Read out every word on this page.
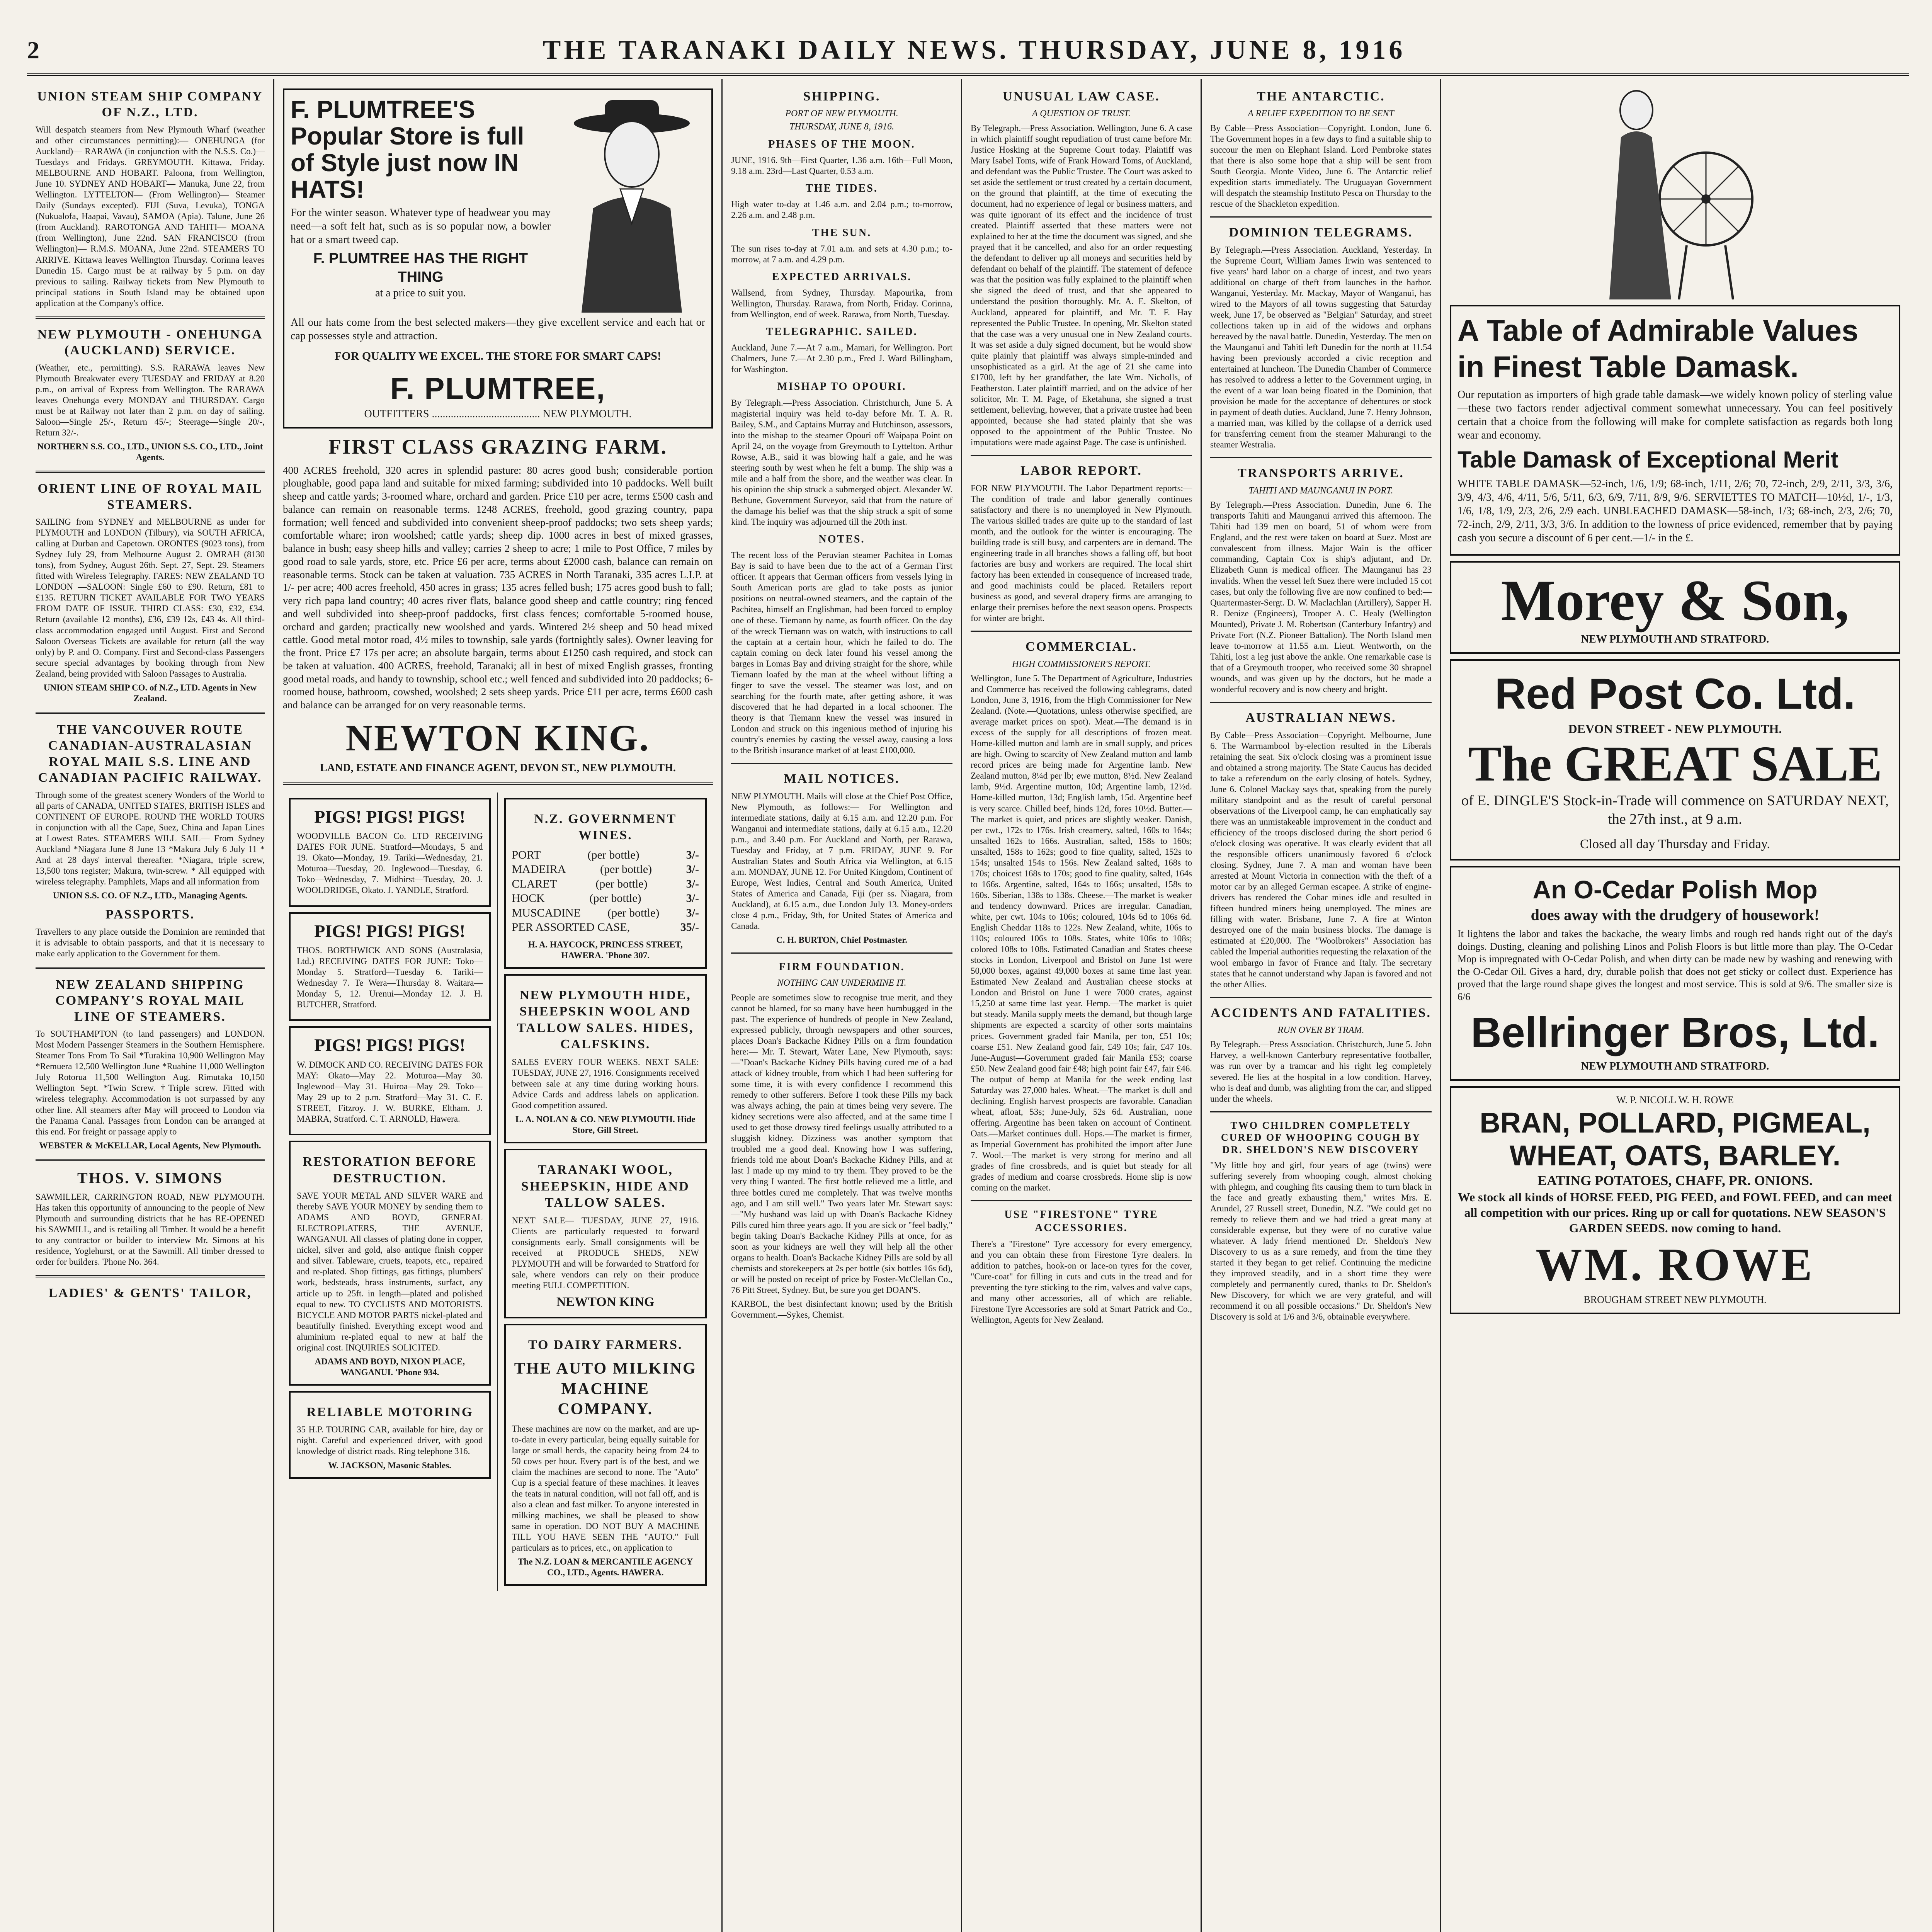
2	THE TARANAKI DAILY NEWS. THURSDAY, JUNE 8, 1916
UNION STEAM SHIP COMPANY OF N.Z., LTD.
Will despatch steamers from New Plymouth Wharf (weather and other circumstances permitting):— ONEHUNGA (for Auckland)— RARAWA (in conjunction with the N.S.S. Co.)—Tuesdays and Fridays. GREYMOUTH. Kittawa, Friday. MELBOURNE AND HOBART. Paloona, from Wellington, June 10. SYDNEY AND HOBART— Manuka, June 22, from Wellington. LYTTELTON— (From Wellington)— Steamer Daily (Sundays excepted). FIJI (Suva, Levuka), TONGA (Nukualofa, Haapai, Vavau), SAMOA (Apia). Talune, June 26 (from Auckland). RAROTONGA AND TAHITI— MOANA (from Wellington), June 22nd. SAN FRANCISCO (from Wellington)— R.M.S. MOANA, June 22nd. STEAMERS TO ARRIVE. Kittawa leaves Wellington Thursday. Corinna leaves Dunedin 15. Cargo must be at railway by 5 p.m. on day previous to sailing. Railway tickets from New Plymouth to principal stations in South Island may be obtained upon application at the Company's office.
NEW PLYMOUTH - ONEHUNGA (AUCKLAND) SERVICE.
(Weather, etc., permitting). S.S. RARAWA leaves New Plymouth Breakwater every TUESDAY and FRIDAY at 8.20 p.m., on arrival of Express from Wellington. The RARAWA leaves Onehunga every MONDAY and THURSDAY. Cargo must be at Railway not later than 2 p.m. on day of sailing. Saloon—Single 25/-, Return 45/-; Steerage—Single 20/-, Return 32/-.
NORTHERN S.S. CO., LTD., UNION S.S. CO., LTD., Joint Agents.
ORIENT LINE OF ROYAL MAIL STEAMERS.
SAILING from SYDNEY and MELBOURNE as under for PLYMOUTH and LONDON (Tilbury), via SOUTH AFRICA, calling at Durban and Capetown. ORONTES (9023 tons), from Sydney July 29, from Melbourne August 2. OMRAH (8130 tons), from Sydney, August 26th. Sept. 27, Sept. 29. Steamers fitted with Wireless Telegraphy. FARES: NEW ZEALAND TO LONDON —SALOON: Single £60 to £90. Return, £81 to £135. RETURN TICKET AVAILABLE FOR TWO YEARS FROM DATE OF ISSUE. THIRD CLASS: £30, £32, £34. Return (available 12 months), £36, £39 12s, £43 4s. All third-class accommodation engaged until August. First and Second Saloon Overseas Tickets are available for return (all the way only) by P. and O. Company. First and Second-class Passengers secure special advantages by booking through from New Zealand, being provided with Saloon Passages to Australia.
UNION STEAM SHIP CO. of N.Z., LTD. Agents in New Zealand.
THE VANCOUVER ROUTE CANADIAN-AUSTRALASIAN ROYAL MAIL S.S. LINE AND CANADIAN PACIFIC RAILWAY.
Through some of the greatest scenery Wonders of the World to all parts of CANADA, UNITED STATES, BRITISH ISLES and CONTINENT OF EUROPE. ROUND THE WORLD TOURS in conjunction with all the Cape, Suez, China and Japan Lines at Lowest Rates. STEAMERS WILL SAIL— From Sydney Auckland *Niagara June 8 June 13 *Makura July 6 July 11 * And at 28 days' interval thereafter. *Niagara, triple screw, 13,500 tons register; Makura, twin-screw. * All equipped with wireless telegraphy. Pamphlets, Maps and all information from
UNION S.S. CO. OF N.Z., LTD., Managing Agents.
PASSPORTS.
Travellers to any place outside the Dominion are reminded that it is advisable to obtain passports, and that it is necessary to make early application to the Government for them.
NEW ZEALAND SHIPPING COMPANY'S ROYAL MAIL LINE OF STEAMERS.
To SOUTHAMPTON (to land passengers) and LONDON. Most Modern Passenger Steamers in the Southern Hemisphere. Steamer Tons From To Sail *Turakina 10,900 Wellington May *Remuera 12,500 Wellington June *Ruahine 11,000 Wellington July Rotorua 11,500 Wellington Aug. Rimutaka 10,150 Wellington Sept. *Twin Screw. †Triple screw. Fitted with wireless telegraphy. Accommodation is not surpassed by any other line. All steamers after May will proceed to London via the Panama Canal. Passages from London can be arranged at this end. For freight or passage apply to
WEBSTER & McKELLAR, Local Agents, New Plymouth.
THOS. V. SIMONS
SAWMILLER, CARRINGTON ROAD, NEW PLYMOUTH. Has taken this opportunity of announcing to the people of New Plymouth and surrounding districts that he has RE-OPENED his SAWMILL, and is retailing all Timber. It would be a benefit to any contractor or builder to interview Mr. Simons at his residence, Yoglehurst, or at the Sawmill. All timber dressed to order for builders. 'Phone No. 364.
LADIES' & GENTS' TAILOR,
F. PLUMTREE'S Popular Store is full of Style just now IN HATS!
For the winter season. Whatever type of headwear you may need—a soft felt hat, such as is so popular now, a bowler hat or a smart tweed cap.
F. PLUMTREE HAS THE RIGHT THING
at a price to suit you.
All our hats come from the best selected makers—they give excellent service and each hat or cap possesses style and attraction.
FOR QUALITY WE EXCEL. THE STORE FOR SMART CAPS!
F. PLUMTREE,
OUTFITTERS ........................................ NEW PLYMOUTH.
FIRST CLASS GRAZING FARM.
400 ACRES freehold, 320 acres in splendid pasture: 80 acres good bush; considerable portion ploughable, good papa land and suitable for mixed farming; subdivided into 10 paddocks. Well built sheep and cattle yards; 3-roomed whare, orchard and garden. Price £10 per acre, terms £500 cash and balance can remain on reasonable terms. 1248 ACRES, freehold, good grazing country, papa formation; well fenced and subdivided into convenient sheep-proof paddocks; two sets sheep yards; comfortable whare; iron woolshed; cattle yards; sheep dip. 1000 acres in best of mixed grasses, balance in bush; easy sheep hills and valley; carries 2 sheep to acre; 1 mile to Post Office, 7 miles by good road to sale yards, store, etc. Price £6 per acre, terms about £2000 cash, balance can remain on reasonable terms. Stock can be taken at valuation. 735 ACRES in North Taranaki, 335 acres L.I.P. at 1/- per acre; 400 acres freehold, 450 acres in grass; 135 acres felled bush; 175 acres good bush to fall; very rich papa land country; 40 acres river flats, balance good sheep and cattle country; ring fenced and well subdivided into sheep-proof paddocks, first class fences; comfortable 5-roomed house, orchard and garden; practically new woolshed and yards. Wintered 2½ sheep and 50 head mixed cattle. Good metal motor road, 4½ miles to township, sale yards (fortnightly sales). Owner leaving for the front. Price £7 17s per acre; an absolute bargain, terms about £1250 cash required, and stock can be taken at valuation. 400 ACRES, freehold, Taranaki; all in best of mixed English grasses, fronting good metal roads, and handy to township, school etc.; well fenced and subdivided into 20 paddocks; 6-roomed house, bathroom, cowshed, woolshed; 2 sets sheep yards. Price £11 per acre, terms £600 cash and balance can be arranged for on very reasonable terms.
NEWTON KING.
LAND, ESTATE AND FINANCE AGENT, DEVON ST., NEW PLYMOUTH.
PIGS! PIGS! PIGS!
WOODVILLE BACON Co. LTD RECEIVING DATES FOR JUNE. Stratford—Mondays, 5 and 19. Okato—Monday, 19. Tariki—Wednesday, 21. Moturoa—Tuesday, 20. Inglewood—Tuesday, 6. Toko—Wednesday, 7. Midhirst—Tuesday, 20. J. WOOLDRIDGE, Okato. J. YANDLE, Stratford.
PIGS! PIGS! PIGS!
THOS. BORTHWICK AND SONS (Australasia, Ltd.) RECEIVING DATES FOR JUNE: Toko—Monday 5. Stratford—Tuesday 6. Tariki—Wednesday 7. Te Wera—Thursday 8. Waitara—Monday 5, 12. Urenui—Monday 12. J. H. BUTCHER, Stratford.
PIGS! PIGS! PIGS!
W. DIMOCK AND CO. RECEIVING DATES FOR MAY: Okato—May 22. Moturoa—May 30. Inglewood—May 31. Huiroa—May 29. Toko—May 29 up to 2 p.m. Stratford—May 31. C. E. STREET, Fitzroy. J. W. BURKE, Eltham. J. MABRA, Stratford. C. T. ARNOLD, Hawera.
RESTORATION BEFORE DESTRUCTION.
SAVE YOUR METAL AND SILVER WARE and thereby SAVE YOUR MONEY by sending them to ADAMS AND BOYD, GENERAL ELECTROPLATERS, THE AVENUE, WANGANUI. All classes of plating done in copper, nickel, silver and gold, also antique finish copper and silver. Tableware, cruets, teapots, etc., repaired and re-plated. Shop fittings, gas fittings, plumbers' work, bedsteads, brass instruments, surfact, any article up to 25ft. in length—plated and polished equal to new. TO CYCLISTS AND MOTORISTS. BICYCLE AND MOTOR PARTS nickel-plated and beautifully finished. Everything except wood and aluminium re-plated equal to new at half the original cost. INQUIRIES SOLICITED.
ADAMS AND BOYD, NIXON PLACE, WANGANUI. 'Phone 934.
RELIABLE MOTORING
35 H.P. TOURING CAR, available for hire, day or night. Careful and experienced driver, with good knowledge of district roads. Ring telephone 316.
W. JACKSON, Masonic Stables.
N.Z. GOVERNMENT WINES.
PORT	(per bottle)	3/-
MADEIRA	(per bottle)	3/-
CLARET	(per bottle)	3/-
HOCK	(per bottle)	3/-
MUSCADINE (per bottle) 3/-
PER ASSORTED CASE,	35/-
H. A. HAYCOCK, PRINCESS STREET, HAWERA. 'Phone 307.
NEW PLYMOUTH HIDE, SHEEPSKIN WOOL AND TALLOW SALES. HIDES, CALFSKINS.
SALES EVERY FOUR WEEKS. NEXT SALE: TUESDAY, JUNE 27, 1916. Consignments received between sale at any time during working hours. Advice Cards and address labels on application. Good competition assured.
L. A. NOLAN & CO. NEW PLYMOUTH. Hide Store, Gill Street.
TARANAKI WOOL, SHEEPSKIN, HIDE AND TALLOW SALES.
NEXT SALE— TUESDAY, JUNE 27, 1916. Clients are particularly requested to forward consignments early. Small consignments will be received at PRODUCE SHEDS, NEW PLYMOUTH and will be forwarded to Stratford for sale, where vendors can rely on their produce meeting FULL COMPETITION.
NEWTON KING
TO DAIRY FARMERS.
THE AUTO MILKING MACHINE COMPANY.
These machines are now on the market, and are up-to-date in every particular, being equally suitable for large or small herds, the capacity being from 24 to 50 cows per hour. Every part is of the best, and we claim the machines are second to none. The "Auto" Cup is a special feature of these machines. It leaves the teats in natural condition, will not fall off, and is also a clean and fast milker. To anyone interested in milking machines, we shall be pleased to show same in operation. DO NOT BUY A MACHINE TILL YOU HAVE SEEN THE "AUTO." Full particulars as to prices, etc., on application to
The N.Z. LOAN & MERCANTILE AGENCY CO., LTD., Agents. HAWERA.
SHIPPING.
PORT OF NEW PLYMOUTH.
THURSDAY, JUNE 8, 1916.
PHASES OF THE MOON.
JUNE, 1916. 9th—First Quarter, 1.36 a.m. 16th—Full Moon, 9.18 a.m. 23rd—Last Quarter, 0.53 a.m.
THE TIDES.
High water to-day at 1.46 a.m. and 2.04 p.m.; to-morrow, 2.26 a.m. and 2.48 p.m.
THE SUN.
The sun rises to-day at 7.01 a.m. and sets at 4.30 p.m.; to-morrow, at 7 a.m. and 4.29 p.m.
EXPECTED ARRIVALS.
Wallsend, from Sydney, Thursday. Mapourika, from Wellington, Thursday. Rarawa, from North, Friday. Corinna, from Wellington, end of week. Rarawa, from North, Tuesday.
TELEGRAPHIC. SAILED.
Auckland, June 7.—At 7 a.m., Mamari, for Wellington. Port Chalmers, June 7.—At 2.30 p.m., Fred J. Ward Billingham, for Washington.
MISHAP TO OPOURI.
By Telegraph.—Press Association. Christchurch, June 5. A magisterial inquiry was held to-day before Mr. T. A. R. Bailey, S.M., and Captains Murray and Hutchinson, assessors, into the mishap to the steamer Opouri off Waipapa Point on April 24, on the voyage from Greymouth to Lyttelton. Arthur Rowse, A.B., said it was blowing half a gale, and he was steering south by west when he felt a bump. The ship was a mile and a half from the shore, and the weather was clear. In his opinion the ship struck a submerged object. Alexander W. Bethune, Government Surveyor, said that from the nature of the damage his belief was that the ship struck a spit of some kind. The inquiry was adjourned till the 20th inst.
NOTES.
The recent loss of the Peruvian steamer Pachitea in Lomas Bay is said to have been due to the act of a German First officer. It appears that German officers from vessels lying in South American ports are glad to take posts as junior positions on neutral-owned steamers, and the captain of the Pachitea, himself an Englishman, had been forced to employ one of these. Tiemann by name, as fourth officer. On the day of the wreck Tiemann was on watch, with instructions to call the captain at a certain hour, which he failed to do. The captain coming on deck later found his vessel among the barges in Lomas Bay and driving straight for the shore, while Tiemann loafed by the man at the wheel without lifting a finger to save the vessel. The steamer was lost, and on searching for the fourth mate, after getting ashore, it was discovered that he had departed in a local schooner. The theory is that Tiemann knew the vessel was insured in London and struck on this ingenious method of injuring his country's enemies by casting the vessel away, causing a loss to the British insurance market of at least £100,000.
MAIL NOTICES.
NEW PLYMOUTH. Mails will close at the Chief Post Office, New Plymouth, as follows:— For Wellington and intermediate stations, daily at 6.15 a.m. and 12.20 p.m. For Wanganui and intermediate stations, daily at 6.15 a.m., 12.20 p.m., and 3.40 p.m. For Auckland and North, per Rarawa, Tuesday and Friday, at 7 p.m. FRIDAY, JUNE 9. For Australian States and South Africa via Wellington, at 6.15 a.m. MONDAY, JUNE 12. For United Kingdom, Continent of Europe, West Indies, Central and South America, United States of America and Canada, Fiji (per ss. Niagara, from Auckland), at 6.15 a.m., due London July 13. Money-orders close 4 p.m., Friday, 9th, for United States of America and Canada.
C. H. BURTON, Chief Postmaster.
FIRM FOUNDATION.
NOTHING CAN UNDERMINE IT.
People are sometimes slow to recognise true merit, and they cannot be blamed, for so many have been humbugged in the past. The experience of hundreds of people in New Zealand, expressed publicly, through newspapers and other sources, places Doan's Backache Kidney Pills on a firm foundation here:— Mr. T. Stewart, Water Lane, New Plymouth, says:—"Doan's Backache Kidney Pills having cured me of a bad attack of kidney trouble, from which I had been suffering for some time, it is with every confidence I recommend this remedy to other sufferers. Before I took these Pills my back was always aching, the pain at times being very severe. The kidney secretions were also affected, and at the same time I used to get those drowsy tired feelings usually attributed to a sluggish kidney. Dizziness was another symptom that troubled me a good deal. Knowing how I was suffering, friends told me about Doan's Backache Kidney Pills, and at last I made up my mind to try them. They proved to be the very thing I wanted. The first bottle relieved me a little, and three bottles cured me completely. That was twelve months ago, and I am still well." Two years later Mr. Stewart says:—"My husband was laid up with Doan's Backache Kidney Pills cured him three years ago. If you are sick or "feel badly," begin taking Doan's Backache Kidney Pills at once, for as soon as your kidneys are well they will help all the other organs to health. Doan's Backache Kidney Pills are sold by all chemists and storekeepers at 2s per bottle (six bottles 16s 6d), or will be posted on receipt of price by Foster-McClellan Co., 76 Pitt Street, Sydney. But, be sure you get DOAN'S.
KARBOL, the best disinfectant known; used by the British Government.—Sykes, Chemist.
UNUSUAL LAW CASE.
A QUESTION OF TRUST.
By Telegraph.—Press Association. Wellington, June 6. A case in which plaintiff sought repudiation of trust came before Mr. Justice Hosking at the Supreme Court today. Plaintiff was Mary Isabel Toms, wife of Frank Howard Toms, of Auckland, and defendant was the Public Trustee. The Court was asked to set aside the settlement or trust created by a certain document, on the ground that plaintiff, at the time of executing the document, had no experience of legal or business matters, and was quite ignorant of its effect and the incidence of trust created. Plaintiff asserted that these matters were not explained to her at the time the document was signed, and she prayed that it be cancelled, and also for an order requesting the defendant to deliver up all moneys and securities held by defendant on behalf of the plaintiff. The statement of defence was that the position was fully explained to the plaintiff when she signed the deed of trust, and that she appeared to understand the position thoroughly. Mr. A. E. Skelton, of Auckland, appeared for plaintiff, and Mr. T. F. Hay represented the Public Trustee. In opening, Mr. Skelton stated that the case was a very unusual one in New Zealand courts. It was set aside a duly signed document, but he would show quite plainly that plaintiff was always simple-minded and unsophisticated as a girl. At the age of 21 she came into £1700, left by her grandfather, the late Wm. Nicholls, of Featherston. Later plaintiff married, and on the advice of her solicitor, Mr. T. M. Page, of Eketahuna, she signed a trust settlement, believing, however, that a private trustee had been appointed, because she had stated plainly that she was opposed to the appointment of the Public Trustee. No imputations were made against Page. The case is unfinished.
LABOR REPORT.
FOR NEW PLYMOUTH. The Labor Department reports:—The condition of trade and labor generally continues satisfactory and there is no unemployed in New Plymouth. The various skilled trades are quite up to the standard of last month, and the outlook for the winter is encouraging. The building trade is still busy, and carpenters are in demand. The engineering trade in all branches shows a falling off, but boot factories are busy and workers are required. The local shirt factory has been extended in consequence of increased trade, and good machinists could be placed. Retailers report business as good, and several drapery firms are arranging to enlarge their premises before the next season opens. Prospects for winter are bright.
COMMERCIAL.
HIGH COMMISSIONER'S REPORT.
Wellington, June 5. The Department of Agriculture, Industries and Commerce has received the following cablegrams, dated London, June 3, 1916, from the High Commissioner for New Zealand. (Note.—Quotations, unless otherwise specified, are average market prices on spot). Meat.—The demand is in excess of the supply for all descriptions of frozen meat. Home-killed mutton and lamb are in small supply, and prices are high. Owing to scarcity of New Zealand mutton and lamb record prices are being made for Argentine lamb. New Zealand mutton, 8¼d per lb; ewe mutton, 8½d. New Zealand lamb, 9½d. Argentine mutton, 10d; Argentine lamb, 12½d. Home-killed mutton, 13d; English lamb, 15d. Argentine beef is very scarce. Chilled beef, hinds 12d, fores 10½d. Butter.—The market is quiet, and prices are slightly weaker. Danish, per cwt., 172s to 176s. Irish creamery, salted, 160s to 164s; unsalted 162s to 166s. Australian, salted, 158s to 160s; unsalted, 158s to 162s; good to fine quality, salted, 152s to 154s; unsalted 154s to 156s. New Zealand salted, 168s to 170s; choicest 168s to 170s; good to fine quality, salted, 164s to 166s. Argentine, salted, 164s to 166s; unsalted, 158s to 160s. Siberian, 138s to 138s. Cheese.—The market is weaker and tendency downward. Prices are irregular. Canadian, white, per cwt. 104s to 106s; coloured, 104s 6d to 106s 6d. English Cheddar 118s to 122s. New Zealand, white, 106s to 110s; coloured 106s to 108s. States, white 106s to 108s; colored 108s to 108s. Estimated Canadian and States cheese stocks in London, Liverpool and Bristol on June 1st were 50,000 boxes, against 49,000 boxes at same time last year. Estimated New Zealand and Australian cheese stocks at London and Bristol on June 1 were 7000 crates, against 15,250 at same time last year. Hemp.—The market is quiet but steady. Manila supply meets the demand, but though large shipments are expected a scarcity of other sorts maintains prices. Government graded fair Manila, per ton, £51 10s; coarse £51. New Zealand good fair, £49 10s; fair, £47 10s. June-August—Government graded fair Manila £53; coarse £50. New Zealand good fair £48; high point fair £47, fair £46. The output of hemp at Manila for the week ending last Saturday was 27,000 bales. Wheat.—The market is dull and declining. English harvest prospects are favorable. Canadian wheat, afloat, 53s; June-July, 52s 6d. Australian, none offering. Argentine has been taken on account of Continent. Oats.—Market continues dull. Hops.—The market is firmer, as Imperial Government has prohibited the import after June 7. Wool.—The market is very strong for merino and all grades of fine crossbreds, and is quiet but steady for all grades of medium and coarse crossbreds. Home slip is now coming on the market.
USE "FIRESTONE" TYRE ACCESSORIES.
There's a "Firestone" Tyre accessory for every emergency, and you can obtain these from Firestone Tyre dealers. In addition to patches, hook-on or lace-on tyres for the cover, "Cure-coat" for filling in cuts and cuts in the tread and for preventing the tyre sticking to the rim, valves and valve caps, and many other accessories, all of which are reliable. Firestone Tyre Accessories are sold at Smart Patrick and Co., Wellington, Agents for New Zealand.
THE ANTARCTIC.
A RELIEF EXPEDITION TO BE SENT
By Cable—Press Association—Copyright. London, June 6. The Government hopes in a few days to find a suitable ship to succour the men on Elephant Island. Lord Pembroke states that there is also some hope that a ship will be sent from South Georgia. Monte Video, June 6. The Antarctic relief expedition starts immediately. The Uruguayan Government will despatch the steamship Instituto Pesca on Thursday to the rescue of the Shackleton expedition.
DOMINION TELEGRAMS.
By Telegraph.—Press Association. Auckland, Yesterday. In the Supreme Court, William James Irwin was sentenced to five years' hard labor on a charge of incest, and two years additional on charge of theft from launches in the harbor. Wanganui, Yesterday. Mr. Mackay, Mayor of Wanganui, has wired to the Mayors of all towns suggesting that Saturday week, June 17, be observed as "Belgian" Saturday, and street collections taken up in aid of the widows and orphans bereaved by the naval battle. Dunedin, Yesterday. The men on the Maunganui and Tahiti left Dunedin for the north at 11.54 having been previously accorded a civic reception and entertained at luncheon. The Dunedin Chamber of Commerce has resolved to address a letter to the Government urging, in the event of a war loan being floated in the Dominion, that provision be made for the acceptance of debentures or stock in payment of death duties. Auckland, June 7. Henry Johnson, a married man, was killed by the collapse of a derrick used for transferring cement from the steamer Mahurangi to the steamer Westralia.
TRANSPORTS ARRIVE.
TAHITI AND MAUNGANUI IN PORT.
By Telegraph.—Press Association. Dunedin, June 6. The transports Tahiti and Maunganui arrived this afternoon. The Tahiti had 139 men on board, 51 of whom were from England, and the rest were taken on board at Suez. Most are convalescent from illness. Major Wain is the officer commanding, Captain Cox is ship's adjutant, and Dr. Elizabeth Gunn is medical officer. The Maunganui has 23 invalids. When the vessel left Suez there were included 15 cot cases, but only the following five are now confined to bed:—Quartermaster-Sergt. D. W. Maclachlan (Artillery), Sapper H. R. Denize (Engineers), Trooper A. C. Healy (Wellington Mounted), Private J. M. Robertson (Canterbury Infantry) and Private Fort (N.Z. Pioneer Battalion). The North Island men leave to-morrow at 11.55 a.m. Lieut. Wentworth, on the Tahiti, lost a leg just above the ankle. One remarkable case is that of a Greymouth trooper, who received some 30 shrapnel wounds, and was given up by the doctors, but he made a wonderful recovery and is now cheery and bright.
AUSTRALIAN NEWS.
By Cable—Press Association—Copyright. Melbourne, June 6. The Warrnambool by-election resulted in the Liberals retaining the seat. Six o'clock closing was a prominent issue and obtained a strong majority. The State Caucus has decided to take a referendum on the early closing of hotels. Sydney, June 6. Colonel Mackay says that, speaking from the purely military standpoint and as the result of careful personal observations of the Liverpool camp, he can emphatically say there was an unmistakeable improvement in the conduct and efficiency of the troops disclosed during the short period 6 o'clock closing was operative. It was clearly evident that all the responsible officers unanimously favored 6 o'clock closing. Sydney, June 7. A man and woman have been arrested at Mount Victoria in connection with the theft of a motor car by an alleged German escapee. A strike of engine-drivers has rendered the Cobar mines idle and resulted in fifteen hundred miners being unemployed. The mines are filling with water. Brisbane, June 7. A fire at Winton destroyed one of the main business blocks. The damage is estimated at £20,000. The "Woolbrokers" Association has cabled the Imperial authorities requesting the relaxation of the wool embargo in favor of France and Italy. The secretary states that he cannot understand why Japan is favored and not the other Allies.
ACCIDENTS AND FATALITIES.
RUN OVER BY TRAM.
By Telegraph.—Press Association. Christchurch, June 5. John Harvey, a well-known Canterbury representative footballer, was run over by a tramcar and his right leg completely severed. He lies at the hospital in a low condition. Harvey, who is deaf and dumb, was alighting from the car, and slipped under the wheels.
TWO CHILDREN COMPLETELY CURED OF WHOOPING COUGH BY DR. SHELDON'S NEW DISCOVERY
"My little boy and girl, four years of age (twins) were suffering severely from whooping cough, almost choking with phlegm, and coughing fits causing them to turn black in the face and greatly exhausting them," writes Mrs. E. Arundel, 27 Russell street, Dunedin, N.Z. "We could get no remedy to relieve them and we had tried a great many at considerable expense, but they were of no curative value whatever. A lady friend mentioned Dr. Sheldon's New Discovery to us as a sure remedy, and from the time they started it they began to get relief. Continuing the medicine they improved steadily, and in a short time they were completely and permanently cured, thanks to Dr. Sheldon's New Discovery, for which we are very grateful, and will recommend it on all possible occasions." Dr. Sheldon's New Discovery is sold at 1/6 and 3/6, obtainable everywhere.
A Table of Admirable Values in Finest Table Damask.
Our reputation as importers of high grade table damask—we widely known policy of sterling value—these two factors render adjectival comment somewhat unnecessary. You can feel positively certain that a choice from the following will make for complete satisfaction as regards both long wear and economy.
Table Damask of Exceptional Merit
WHITE TABLE DAMASK—52-inch, 1/6, 1/9; 68-inch, 1/11, 2/6; 70, 72-inch, 2/9, 2/11, 3/3, 3/6, 3/9, 4/3, 4/6, 4/11, 5/6, 5/11, 6/3, 6/9, 7/11, 8/9, 9/6. SERVIETTES TO MATCH—10½d, 1/-, 1/3, 1/6, 1/8, 1/9, 2/3, 2/6, 2/9 each. UNBLEACHED DAMASK—58-inch, 1/3; 68-inch, 2/3, 2/6; 70, 72-inch, 2/9, 2/11, 3/3, 3/6. In addition to the lowness of price evidenced, remember that by paying cash you secure a discount of 6 per cent.—1/- in the £.
Morey & Son,
NEW PLYMOUTH AND STRATFORD.
Red Post Co. Ltd.
DEVON STREET - NEW PLYMOUTH.
The GREAT SALE
of E. DINGLE'S Stock-in-Trade will commence on SATURDAY NEXT, the 27th inst., at 9 a.m.
Closed all day Thursday and Friday.
An O-Cedar Polish Mop
does away with the drudgery of housework!
It lightens the labor and takes the backache, the weary limbs and rough red hands right out of the day's doings. Dusting, cleaning and polishing Linos and Polish Floors is but little more than play. The O-Cedar Mop is impregnated with O-Cedar Polish, and when dirty can be made new by washing and renewing with the O-Cedar Oil. Gives a hard, dry, durable polish that does not get sticky or collect dust. Experience has proved that the large round shape gives the longest and most service. This is sold at 9/6. The smaller size is 6/6
Bellringer Bros, Ltd.
NEW PLYMOUTH AND STRATFORD.
W. P. NICOLL W. H. ROWE
BRAN, POLLARD, PIGMEAL, WHEAT, OATS, BARLEY.
EATING POTATOES, CHAFF, PR. ONIONS.
We stock all kinds of HORSE FEED, PIG FEED, and FOWL FEED, and can meet all competition with our prices. Ring up or call for quotations. NEW SEASON'S GARDEN SEEDS. now coming to hand.
WM. ROWE
BROUGHAM STREET NEW PLYMOUTH.
